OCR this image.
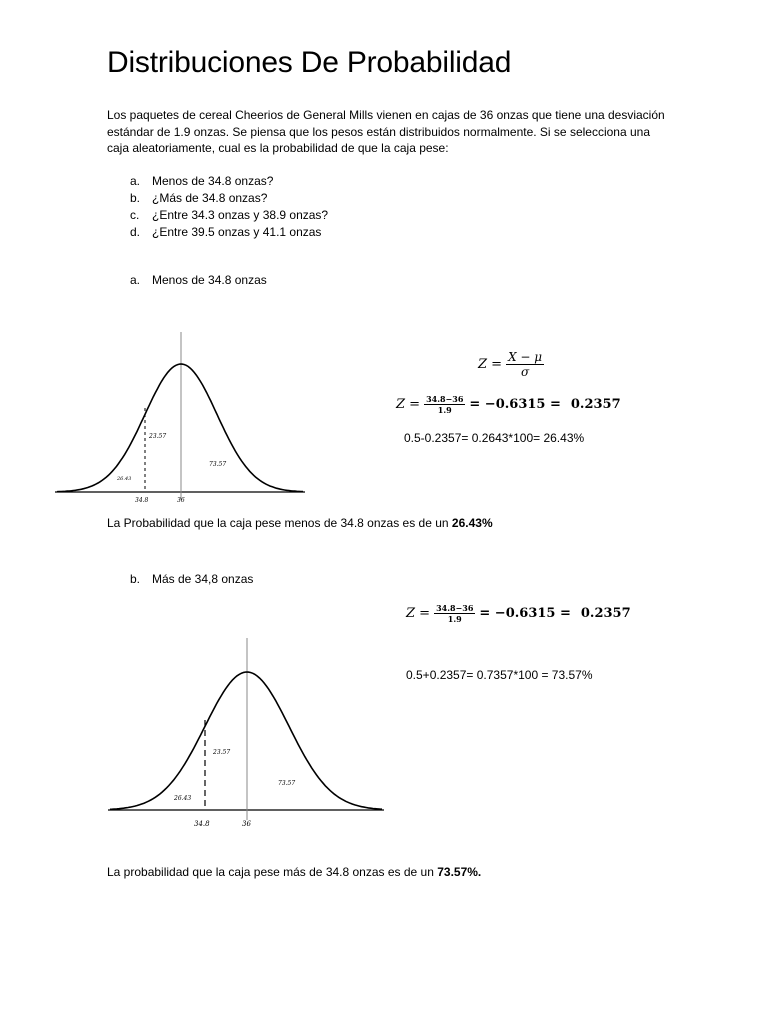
Distribuciones De Probabilidad

Los paquetes de cereal Cheerios de General Mills vienen en cajas de 36 onzas que tiene una desviación estándar de 1.9 onzas. Se piensa que los pesos están distribuidos normalmente. Si se selecciona una caja aleatoriamente, cual es la probabilidad de que la caja pese:

a. Menos de 34.8 onzas?
b. ¿Más de 34.8 onzas?
c. ¿Entre 34.3 onzas y 38.9 onzas?
d. ¿Entre 39.5 onzas y 41.1 onzas
a. Menos de 34.8 onzas
23.57
73.57
26.43
34.8	36
$Z = \frac{X - \mu}{\sigma}$
$Z = \frac{34.8-36}{1.9} = -0.6315 = 0.2357$
0.5-0.2357= 0.2643*100= 26.43%
La Probabilidad que la caja pese menos de 34.8 onzas es de un 26.43%
b. Más de 34,8 onzas
$Z = \frac{34.8-36}{1.9} = -0.6315 = 0.2357$
0.5+0.2357= 0.7357*100 = 73.57%
23.57
73.57
26.43
34.8	36
La probabilidad que la caja pese más de 34.8 onzas es de un 73.57%.
